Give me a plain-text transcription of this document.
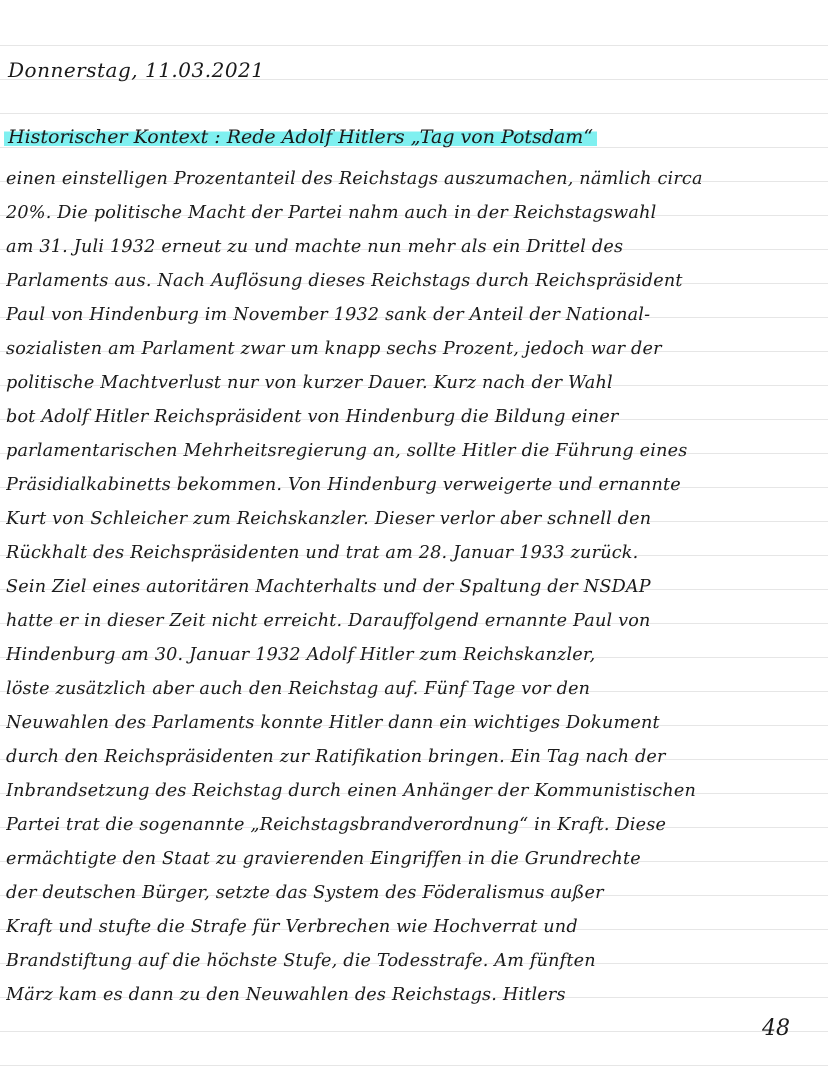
Donnerstag, 11.03.2021
Historischer Kontext : Rede Adolf Hitlers „Tag von Potsdam“
einen einstelligen Prozentanteil des Reichstags auszumachen, nämlich circa
20%. Die politische Macht der Partei nahm auch in der Reichstagswahl
am 31. Juli 1932 erneut zu und machte nun mehr als ein Drittel des
Parlaments aus. Nach Auflösung dieses Reichstags durch Reichspräsident
Paul von Hindenburg im November 1932 sank der Anteil der National-
sozialisten am Parlament zwar um knapp sechs Prozent, jedoch war der
politische Machtverlust nur von kurzer Dauer. Kurz nach der Wahl
bot Adolf Hitler Reichspräsident von Hindenburg die Bildung einer
parlamentarischen Mehrheitsregierung an, sollte Hitler die Führung eines
Präsidialkabinetts bekommen. Von Hindenburg verweigerte und ernannte
Kurt von Schleicher zum Reichskanzler. Dieser verlor aber schnell den
Rückhalt des Reichspräsidenten und trat am 28. Januar 1933 zurück.
Sein Ziel eines autoritären Machterhalts und der Spaltung der NSDAP
hatte er in dieser Zeit nicht erreicht. Darauffolgend ernannte Paul von
Hindenburg am 30. Januar 1932 Adolf Hitler zum Reichskanzler,
löste zusätzlich aber auch den Reichstag auf. Fünf Tage vor den
Neuwahlen des Parlaments konnte Hitler dann ein wichtiges Dokument
durch den Reichspräsidenten zur Ratifikation bringen. Ein Tag nach der
Inbrandsetzung des Reichstag durch einen Anhänger der Kommunistischen
Partei trat die sogenannte „Reichstagsbrandverordnung“ in Kraft. Diese
ermächtigte den Staat zu gravierenden Eingriffen in die Grundrechte
der deutschen Bürger, setzte das System des Föderalismus außer
Kraft und stufte die Strafe für Verbrechen wie Hochverrat und
Brandstiftung auf die höchste Stufe, die Todesstrafe. Am fünften
März kam es dann zu den Neuwahlen des Reichstags. Hitlers
48
